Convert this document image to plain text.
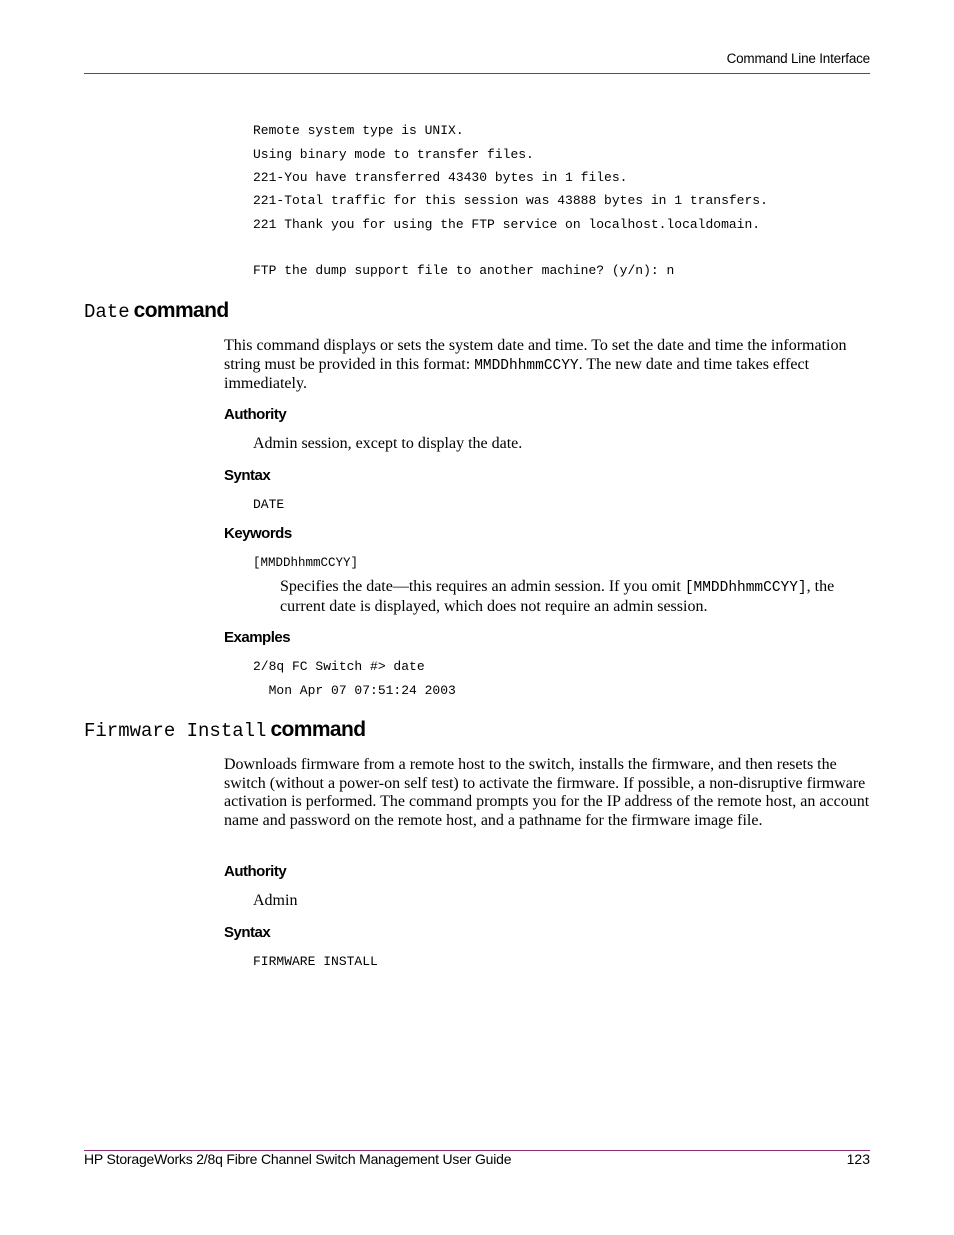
Command Line Interface
Remote system type is UNIX.
Using binary mode to transfer files.
221-You have transferred 43430 bytes in 1 files.
221-Total traffic for this session was 43888 bytes in 1 transfers.
221 Thank you for using the FTP service on localhost.localdomain.
FTP the dump support file to another machine? (y/n): n
Date command
This command displays or sets the system date and time. To set the date and time the information string must be provided in this format: MMDDhhmmCCYY. The new date and time takes effect immediately.
Authority
Admin session, except to display the date.
Syntax
DATE
Keywords
[MMDDhhmmCCYY]
Specifies the date—this requires an admin session. If you omit [MMDDhhmmCCYY], the current date is displayed, which does not require an admin session.
Examples
2/8q FC Switch #> date
Mon Apr 07 07:51:24 2003
Firmware Install command
Downloads firmware from a remote host to the switch, installs the firmware, and then resets the switch (without a power-on self test) to activate the firmware. If possible, a non-disruptive firmware activation is performed. The command prompts you for the IP address of the remote host, an account name and password on the remote host, and a pathname for the firmware image file.
Authority
Admin
Syntax
FIRMWARE INSTALL
HP StorageWorks 2/8q Fibre Channel Switch Management User Guide	123
